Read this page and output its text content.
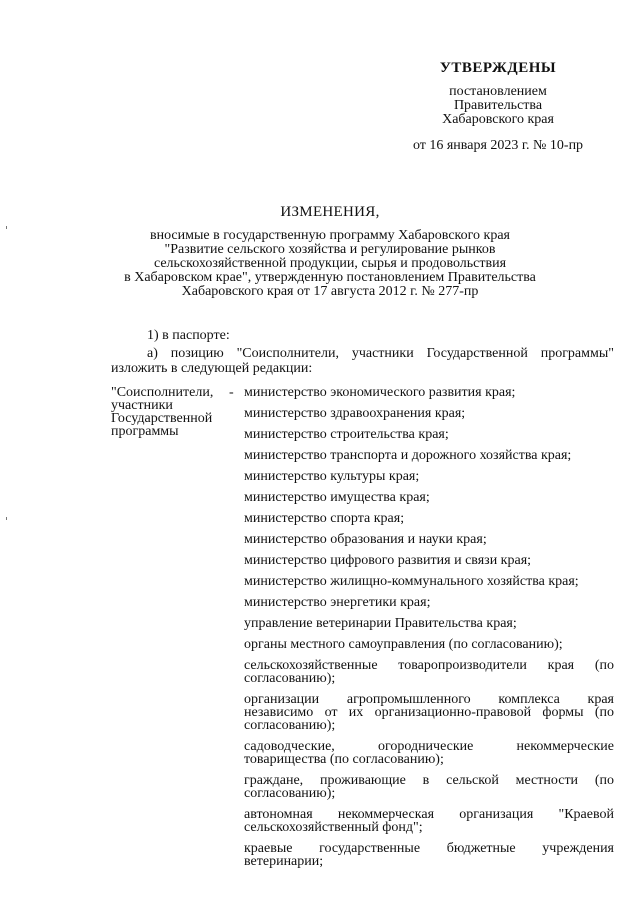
УТВЕРЖДЕНЫ
постановлением
Правительства
Хабаровского края
от 16 января 2023 г. № 10-пр
ИЗМЕНЕНИЯ,
вносимые в государственную программу Хабаровского края
"Развитие сельского хозяйства и регулирование рынков
сельскохозяйственной продукции, сырья и продовольствия
в Хабаровском крае", утвержденную постановлением Правительства
Хабаровского края от 17 августа 2012 г. № 277-пр
1) в паспорте:
а) позицию "Соисполнители, участники Государственной программы" изложить в следующей редакции:
"Соисполнители, участники Государственной программы
- министерство экономического развития края;
министерство здравоохранения края;
министерство строительства края;
министерство транспорта и дорожного хозяйства края;
министерство культуры края;
министерство имущества края;
министерство спорта края;
министерство образования и науки края;
министерство цифрового развития и связи края;
министерство жилищно-коммунального хозяйства края;
министерство энергетики края;
управление ветеринарии Правительства края;
органы местного самоуправления (по согласованию);
сельскохозяйственные товаропроизводители края (по согласованию);
организации агропромышленного комплекса края независимо от их организационно-правовой формы (по согласованию);
садоводческие, огороднические некоммерческие товарищества (по согласованию);
граждане, проживающие в сельской местности (по согласованию);
автономная некоммерческая организация "Краевой сельскохозяйственный фонд";
краевые государственные бюджетные учреждения ветеринарии;
